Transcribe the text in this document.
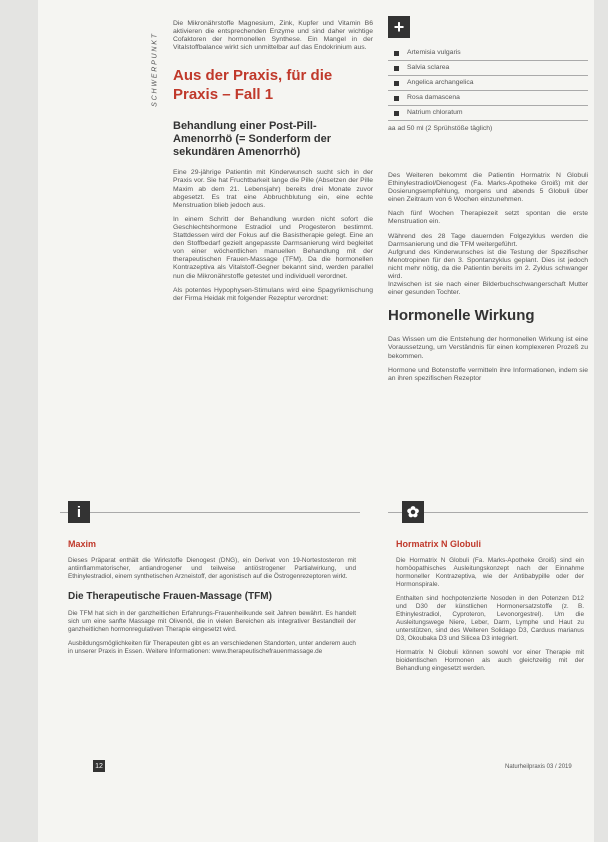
SCHWERPUNKT

Die Mikronährstoffe Magnesium, Zink, Kupfer und Vitamin B6 aktivieren die entsprechenden Enzyme und sind daher wichtige Cofaktoren der hormonellen Synthese. Ein Mangel in der Vitalstoffbalance wirkt sich unmittelbar auf das Endokrinium aus.

Aus der Praxis, für die Praxis – Fall 1
Behandlung einer Post-Pill-Amenorrhö (= Sonderform der sekundären Amenorrhö)

Eine 29-jährige Patientin mit Kinderwunsch sucht sich in der Praxis vor. Sie hat Fruchtbarkeit lange die Pille (Absetzen der Pille Maxim ab dem 21. Lebensjahr) bereits drei Monate zuvor abgesetzt. Es trat eine Abbruchblutung ein, eine echte Menstruation blieb jedoch aus.

In einem Schritt der Behandlung wurden nicht sofort die Geschlechtshormone Estradiol und Progesteron bestimmt. Stattdessen wird der Fokus auf die Basistherapie gelegt. Eine an den Stoffbedarf gezielt angepasste Darmsanierung wird begleitet von einer wöchentlichen manuellen Behandlung mit der therapeutischen Frauen-Massage (TFM). Da die hormonellen Kontrazeptiva als Vitalstoff-Gegner bekannt sind, werden parallel nun die Mikronährstoffe getestet und individuell verordnet.

Als potentes Hypophysen-Stimulans wird eine Spagyrikmischung der Firma Heidak mit folgender Rezeptur verordnet:

+
Artemisia vulgaris
Salvia sclarea
Angelica archangelica
Rosa damascena
Natrium chloratum
aa ad 50 ml (2 Sprühstöße täglich)

Des Weiteren bekommt die Patientin Hormatrix N Globuli Ethinylestradiol/Dienogest (Fa. Marks-Apotheke Groiß) mit der Dosierungsempfehlung, morgens und abends 5 Globuli über einen Zeitraum von 6 Wochen einzunehmen.

Nach fünf Wochen Therapiezeit setzt spontan die erste Menstruation ein.

Während des 28 Tage dauernden Folgezyklus werden die Darmsanierung und die TFM weitergeführt.

Aufgrund des Kinderwunsches ist die Testung der Spezifischer Menotropinen für den 3. Spontanzyklus geplant. Dies ist jedoch nicht mehr nötig, da die Patientin bereits im 2. Zyklus schwanger wird.

Inzwischen ist sie nach einer Bilderbuchschwangerschaft Mutter einer gesunden Tochter.

Hormonelle Wirkung

Das Wissen um die Entstehung der hormonellen Wirkung ist eine Voraussetzung, um Verständnis für einen komplexeren Prozeß zu bekommen.

Hormone und Botenstoffe vermitteln ihre Informationen, indem sie an ihren spezifischen Rezeptor

i
Maxim

Dieses Präparat enthält die Wirkstoffe Dienogest (DNG), ein Derivat von 19-Nortestosteron mit antiinflammatorischer, antiandrogener und teilweise antiöstrogener Partialwirkung, und Ethinylestradiol, einem synthetischen Arzneistoff, der agonistisch auf die Östrogenrezeptoren wirkt.

Die Therapeutische Frauen-Massage (TFM)

Die TFM hat sich in der ganzheitlichen Erfahrungs-Frauenheilkunde seit Jahren bewährt. Es handelt sich um eine sanfte Massage mit Olivenöl, die in vielen Bereichen als integrativer Bestandteil der ganzheitlichen hormonregulativen Therapie eingesetzt wird.

Ausbildungsmöglichkeiten für Therapeuten gibt es an verschiedenen Standorten, unter anderem auch in unserer Praxis in Essen. Weitere Informationen: www.therapeutischefrauenmassage.de

✿
Hormatrix N Globuli

Die Hormatrix N Globuli (Fa. Marks-Apotheke Groiß) sind ein homöopathisches Ausleitungskonzept nach der Einnahme hormoneller Kontrazeptiva, wie der Antibabypille oder der Hormonspirale.

Enthalten sind hochpotenzierte Nosoden in den Potenzen D12 und D30 der künstlichen Hormonersatzstoffe (z. B. Ethinylestradiol, Cyproteron, Levonorgestrel). Um die Ausleitungswege Niere, Leber, Darm, Lymphe und Haut zu unterstützen, sind des Weiteren Solidago D3, Carduus marianus D3, Okoubaka D3 und Silicea D3 integriert.

Hormatrix N Globuli können sowohl vor einer Therapie mit bioidentischen Hormonen als auch gleichzeitig mit der Behandlung eingesetzt werden.

12	Naturheilpraxis 03 / 2019
